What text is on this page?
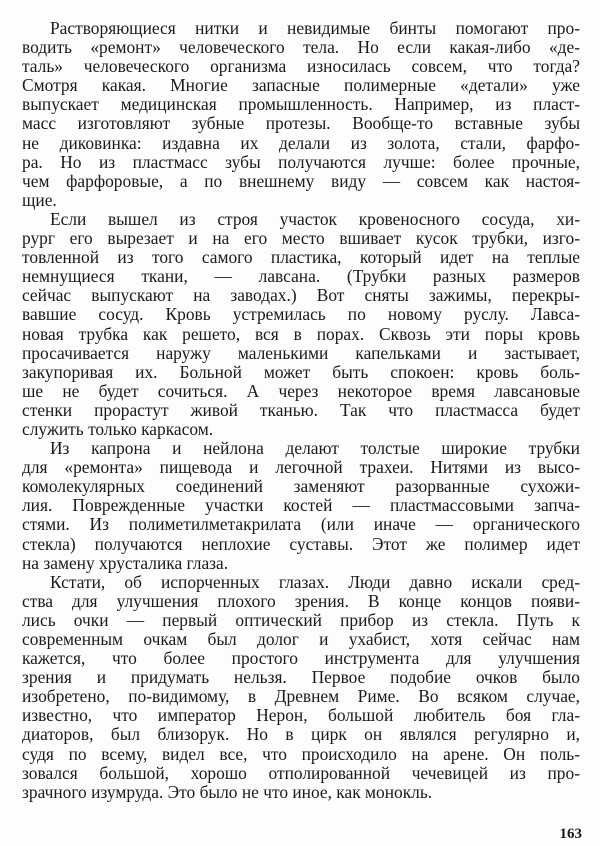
Растворяющиеся нитки и невидимые бинты помогают про-
водить «ремонт» человеческого тела. Но если какая-либо «де-
таль» человеческого организма износилась совсем, что тогда?
Смотря какая. Многие запасные полимерные «детали» уже
выпускает медицинская промышленность. Например, из пласт-
масс изготовляют зубные протезы. Вообще-то вставные зубы
не диковинка: издавна их делали из золота, стали, фарфо-
ра. Но из пластмасс зубы получаются лучше: более прочные,
чем фарфоровые, а по внешнему виду — совсем как настоя-
щие.
Если вышел из строя участок кровеносного сосуда, хи-
рург его вырезает и на его место вшивает кусок трубки, изго-
товленной из того самого пластика, который идет на теплые
немнущиеся ткани, — лавсана. (Трубки разных размеров
сейчас выпускают на заводах.) Вот сняты зажимы, перекры-
вавшие сосуд. Кровь устремилась по новому руслу. Лавса-
новая трубка как решето, вся в порах. Сквозь эти поры кровь
просачивается наружу маленькими капельками и застывает,
закупоривая их. Больной может быть спокоен: кровь боль-
ше не будет сочиться. А через некоторое время лавсановые
стенки прорастут живой тканью. Так что пластмасса будет
служить только каркасом.
Из капрона и нейлона делают толстые широкие трубки
для «ремонта» пищевода и легочной трахеи. Нитями из высо-
комолекулярных соединений заменяют разорванные сухожи-
лия. Поврежденные участки костей — пластмассовыми запча-
стями. Из полиметилметакрилата (или иначе — органического
стекла) получаются неплохие суставы. Этот же полимер идет
на замену хрусталика глаза.
Кстати, об испорченных глазах. Люди давно искали сред-
ства для улучшения плохого зрения. В конце концов появи-
лись очки — первый оптический прибор из стекла. Путь к
современным очкам был долог и ухабист, хотя сейчас нам
кажется, что более простого инструмента для улучшения
зрения и придумать нельзя. Первое подобие очков было
изобретено, по-видимому, в Древнем Риме. Во всяком случае,
известно, что император Нерон, большой любитель боя гла-
диаторов, был близорук. Но в цирк он являлся регулярно и,
судя по всему, видел все, что происходило на арене. Он поль-
зовался большой, хорошо отполированной чечевицей из про-
зрачного изумруда. Это было не что иное, как монокль.
163
